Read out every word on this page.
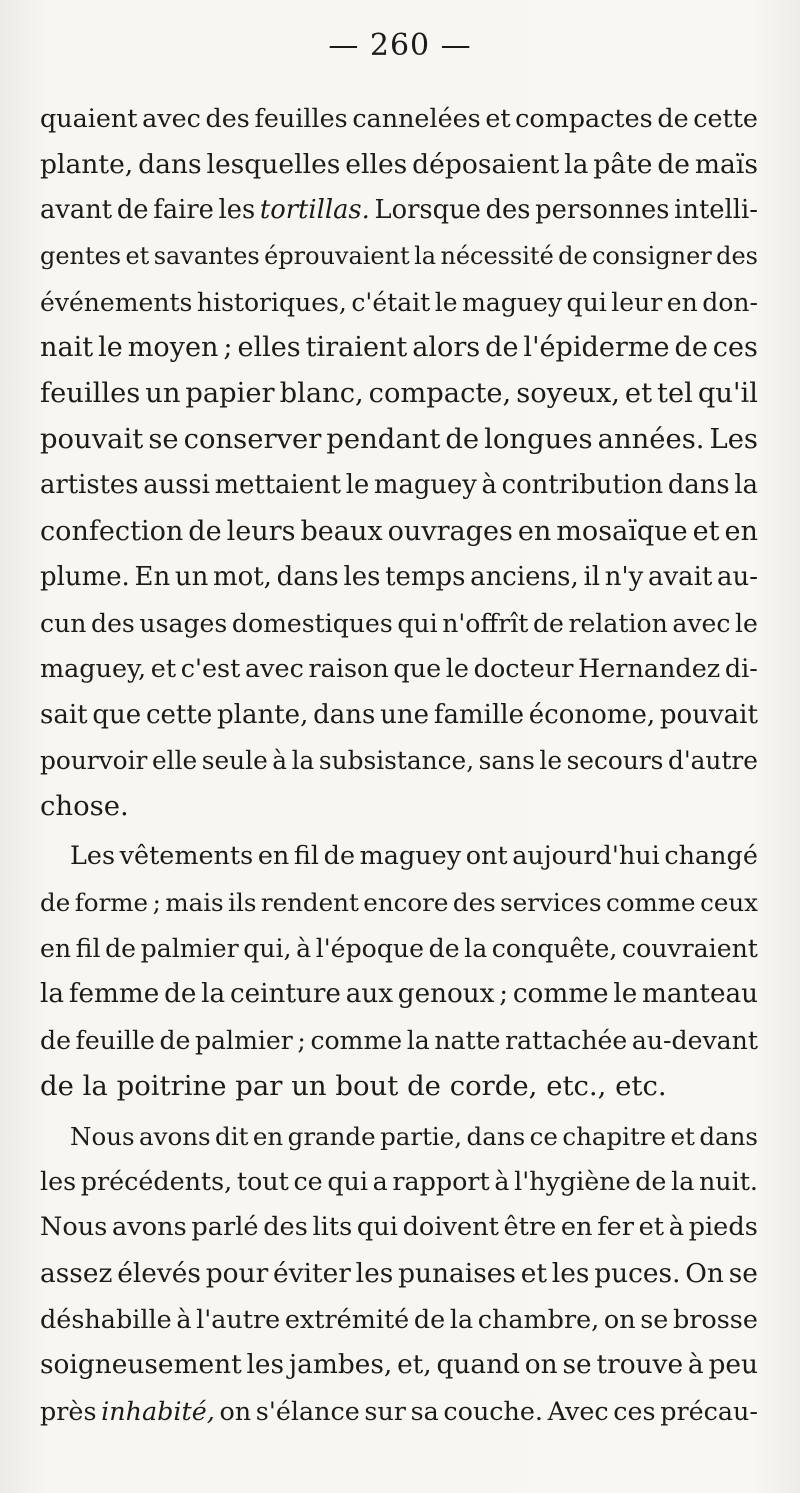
— 260 —
quaient avec des feuilles cannelées et compactes de cette
plante, dans lesquelles elles déposaient la pâte de maïs
avant de faire les tortillas. Lorsque des personnes intelli-
gentes et savantes éprouvaient la nécessité de consigner des
événements historiques, c'était le maguey qui leur en don-
nait le moyen ; elles tiraient alors de l'épiderme de ces
feuilles un papier blanc, compacte, soyeux, et tel qu'il
pouvait se conserver pendant de longues années. Les
artistes aussi mettaient le maguey à contribution dans la
confection de leurs beaux ouvrages en mosaïque et en
plume. En un mot, dans les temps anciens, il n'y avait au-
cun des usages domestiques qui n'offrît de relation avec le
maguey, et c'est avec raison que le docteur Hernandez di-
sait que cette plante, dans une famille économe, pouvait
pourvoir elle seule à la subsistance, sans le secours d'autre
chose.

Les vêtements en fil de maguey ont aujourd'hui changé
de forme ; mais ils rendent encore des services comme ceux
en fil de palmier qui, à l'époque de la conquête, couvraient
la femme de la ceinture aux genoux ; comme le manteau
de feuille de palmier ; comme la natte rattachée au-devant
de
la
poitrine
par
un
bout
de
corde,
etc.,
etc.

Nous avons dit en grande partie, dans ce chapitre et dans
les précédents, tout ce qui a rapport à l'hygiène de la nuit.
Nous avons parlé des lits qui doivent être en fer et à pieds
assez élevés pour éviter les punaises et les puces. On se
déshabille à l'autre extrémité de la chambre, on se brosse
soigneusement les jambes, et, quand on se trouve à peu
près inhabité, on s'élance sur sa couche. Avec ces précau-
